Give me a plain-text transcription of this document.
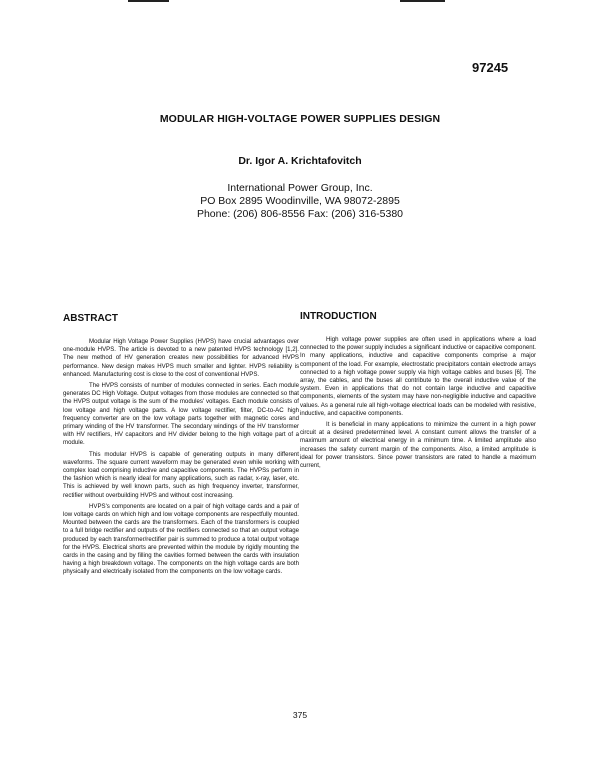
97245
MODULAR HIGH-VOLTAGE POWER SUPPLIES DESIGN
Dr. Igor A. Krichtafovitch
International Power Group, Inc.
PO Box 2895 Woodinville, WA 98072-2895
Phone: (206) 806-8556 Fax: (206) 316-5380
ABSTRACT

Modular High Voltage Power Supplies (HVPS) have crucial advantages over one-module HVPS. The article is devoted to a new patented HVPS technology [1,2]. The new method of HV generation creates new possibilities for advanced HVPS performance. New design makes HVPS much smaller and lighter. HVPS reliability is enhanced. Manufacturing cost is close to the cost of conventional HVPS.

The HVPS consists of number of modules connected in series. Each module generates DC High Voltage. Output voltages from those modules are connected so that the HVPS output voltage is the sum of the modules' voltages. Each module consists of low voltage and high voltage parts. A low voltage rectifier, filter, DC-to-AC high frequency converter are on the low voltage parts together with magnetic cores and primary winding of the HV transformer. The secondary windings of the HV transformer with HV rectifiers, HV capacitors and HV divider belong to the high voltage part of a module.

This modular HVPS is capable of generating outputs in many different waveforms. The square current waveform may be generated even while working with complex load comprising inductive and capacitive components. The HVPSs perform in the fashion which is nearly ideal for many applications, such as radar, x-ray, laser, etc. This is achieved by well known parts, such as high frequency inverter, transformer, rectifier without overbuilding HVPS and without cost increasing.

HVPS's components are located on a pair of high voltage cards and a pair of low voltage cards on which high and low voltage components are respectfully mounted. Mounted between the cards are the transformers. Each of the transformers is coupled to a full bridge rectifier and outputs of the rectifiers connected so that an output voltage produced by each transformer/rectifier pair is summed to produce a total output voltage for the HVPS. Electrical shorts are prevented within the module by rigidly mounting the cards in the casing and by filling the cavities formed between the cards with insulation having a high breakdown voltage. The components on the high voltage cards are both physically and electrically isolated from the components on the low voltage cards.

INTRODUCTION

High voltage power supplies are often used in applications where a load connected to the power supply includes a significant inductive or capacitive component. In many applications, inductive and capacitive components comprise a major component of the load. For example, electrostatic precipitators contain electrode arrays connected to a high voltage power supply via high voltage cables and buses [6]. The array, the cables, and the buses all contribute to the overall inductive value of the system. Even in applications that do not contain large inductive and capacitive components, elements of the system may have non-negligible inductive and capacitive values. As a general rule all high-voltage electrical loads can be modeled with resistive, inductive, and capacitive components.

It is beneficial in many applications to minimize the current in a high power circuit at a desired predetermined level. A constant current allows the transfer of a maximum amount of electrical energy in a minimum time. A limited amplitude also increases the safety current margin of the components. Also, a limited amplitude is ideal for power transistors. Since power transistors are rated to handle a maximum current,

375
